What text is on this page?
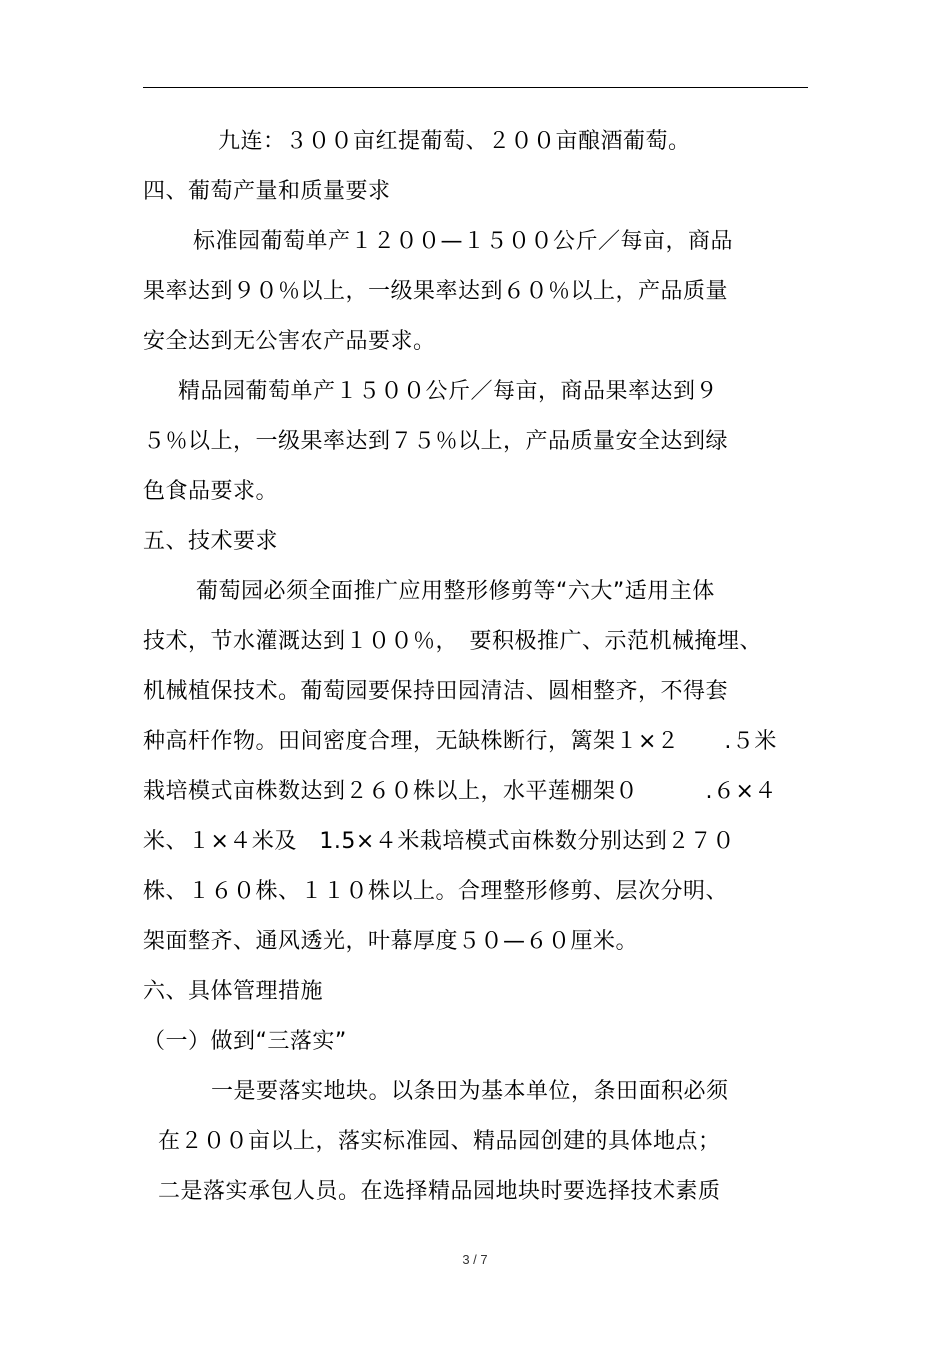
九连：３００亩红提葡萄、２００亩酿酒葡萄。
四、葡萄产量和质量要求
标准园葡萄单产１２００—１５００公斤／每亩，商品
果率达到９０％以上，一级果率达到６０％以上，产品质量
安全达到无公害农产品要求。
精品园葡萄单产１５００公斤／每亩，商品果率达到９
５％以上，一级果率达到７５％以上，产品质量安全达到绿
色食品要求。
五、技术要求
葡萄园必须全面推广应用整形修剪等“六大”适用主体
技术，节水灌溉达到１００％，　要积极推广、示范机械掩埋、
机械植保技术。葡萄园要保持田园清洁、圆相整齐，不得套
种高杆作物。田间密度合理，无缺株断行，篱架１×２　　.５米
栽培模式亩株数达到２６０株以上，水平莲棚架０　　　.６×４
米、１×４米及　1.5×４米栽培模式亩株数分别达到２７０
株、１６０株、１１０株以上。合理整形修剪、层次分明、
架面整齐、通风透光，叶幕厚度５０—６０厘米。
六、具体管理措施
（一）做到“三落实”
一是要落实地块。以条田为基本单位，条田面积必须
在２００亩以上，落实标准园、精品园创建的具体地点；
二是落实承包人员。在选择精品园地块时要选择技术素质
3 / 7
